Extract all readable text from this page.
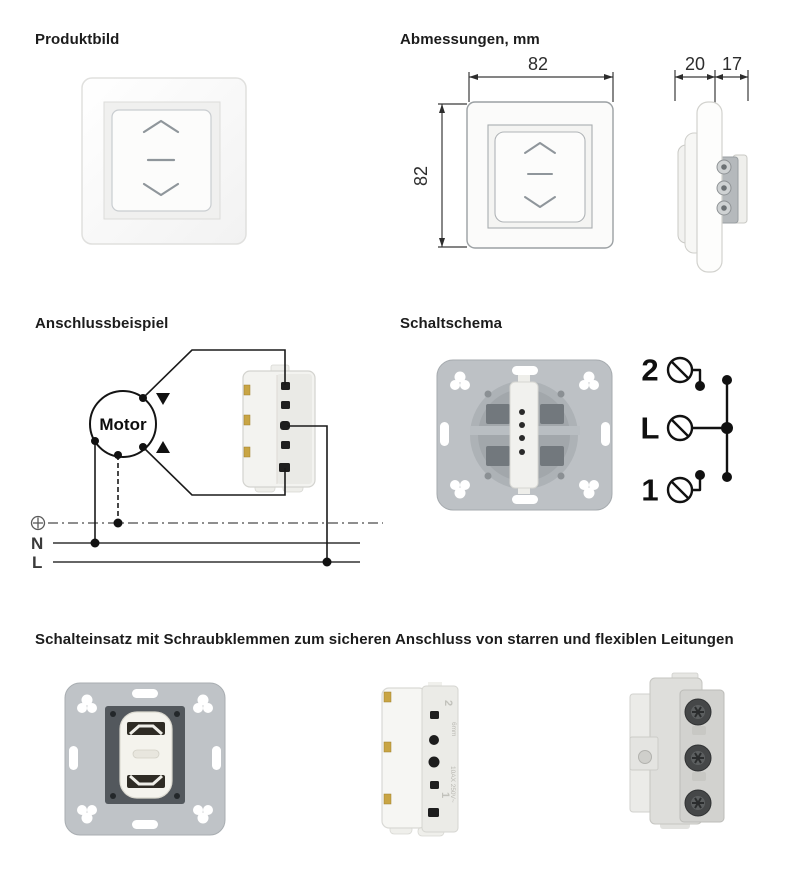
Produktbild	Abmessungen, mm
Anschlussbeispiel	Schaltschema
Schalteinsatz mit Schraubklemmen zum sicheren Anschluss von starren und flexiblen Leitungen
82
82
20 17
N
L
Motor
2
L
1
2
1
6mm
10AX 250V~
